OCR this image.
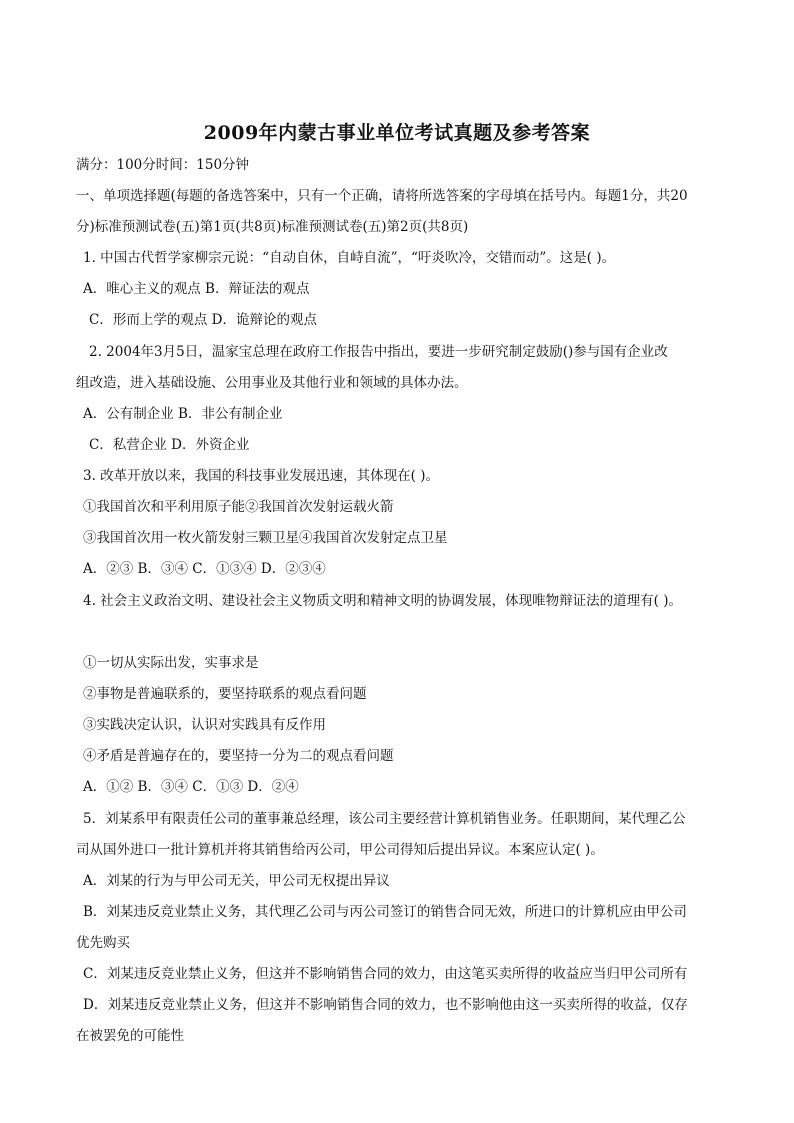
2009年内蒙古事业单位考试真题及参考答案
满分：100分时间：150分钟
一、单项选择题(每题的备选答案中，只有一个正确，请将所选答案的字母填在括号内。每题1分，共20
分)标准预测试卷(五)第1页(共8页)标准预测试卷(五)第2页(共8页)
1. 中国古代哲学家柳宗元说：“自动自休，自峙自流”，“吁炎吹冷，交错而动”。这是( )。
A．唯心主义的观点 B．辩证法的观点
C．形而上学的观点 D．诡辩论的观点
2. 2004年3月5日，温家宝总理在政府工作报告中指出，要进一步研究制定鼓励()参与国有企业改
组改造，进入基础设施、公用事业及其他行业和领域的具体办法。
A．公有制企业 B．非公有制企业
C．私营企业 D．外资企业
3. 改革开放以来，我国的科技事业发展迅速，其体现在( )。
①我国首次和平利用原子能②我国首次发射运载火箭
③我国首次用一枚火箭发射三颗卫星④我国首次发射定点卫星
A．②③ B．③④ C．①③④ D．②③④
4. 社会主义政治文明、建设社会主义物质文明和精神文明的协调发展，体现唯物辩证法的道理有( )。
①一切从实际出发，实事求是
②事物是普遍联系的，要坚持联系的观点看问题
③实践决定认识，认识对实践具有反作用
④矛盾是普遍存在的，要坚持一分为二的观点看问题
A．①② B．③④ C．①③ D．②④
5．刘某系甲有限责任公司的董事兼总经理，该公司主要经营计算机销售业务。任职期间，某代理乙公
司从国外进口一批计算机并将其销售给丙公司，甲公司得知后提出异议。本案应认定( )。
A．刘某的行为与甲公司无关，甲公司无权提出异议
B．刘某违反竞业禁止义务，其代理乙公司与丙公司签订的销售合同无效，所进口的计算机应由甲公司
优先购买
C．刘某违反竞业禁止义务，但这并不影响销售合同的效力，由这笔买卖所得的收益应当归甲公司所有
D．刘某违反竞业禁止义务，但这并不影响销售合同的效力，也不影响他由这一买卖所得的收益，仅存
在被罢免的可能性
